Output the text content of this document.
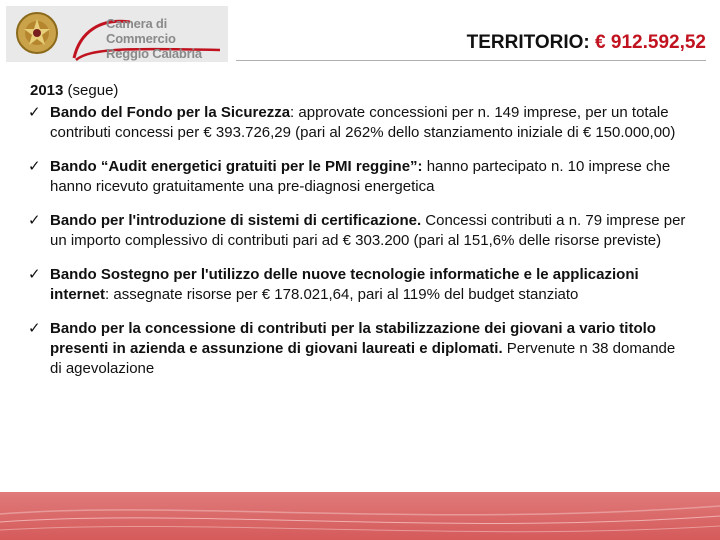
Camera di Commercio
Reggio Calabria
TERRITORIO: € 912.592,52
2013 (segue)
✓ Bando del Fondo per la Sicurezza: approvate concessioni per n. 149 imprese, per un totale contributi concessi per € 393.726,29 (pari al 262% dello stanziamento iniziale di € 150.000,00)
✓ Bando “Audit energetici gratuiti per le PMI reggine”: hanno partecipato n. 10 imprese che hanno ricevuto gratuitamente una pre-diagnosi energetica
✓ Bando per l'introduzione di sistemi di certificazione. Concessi contributi a n. 79 imprese per un importo complessivo di contributi pari ad € 303.200 (pari al 151,6% delle risorse previste)
✓ Bando Sostegno per l'utilizzo delle nuove tecnologie informatiche e le applicazioni internet: assegnate risorse per € 178.021,64, pari al 119% del budget stanziato
✓ Bando per la concessione di contributi per la stabilizzazione dei giovani a vario titolo presenti in azienda e assunzione di giovani laureati e diplomati. Pervenute n 38 domande di agevolazione
